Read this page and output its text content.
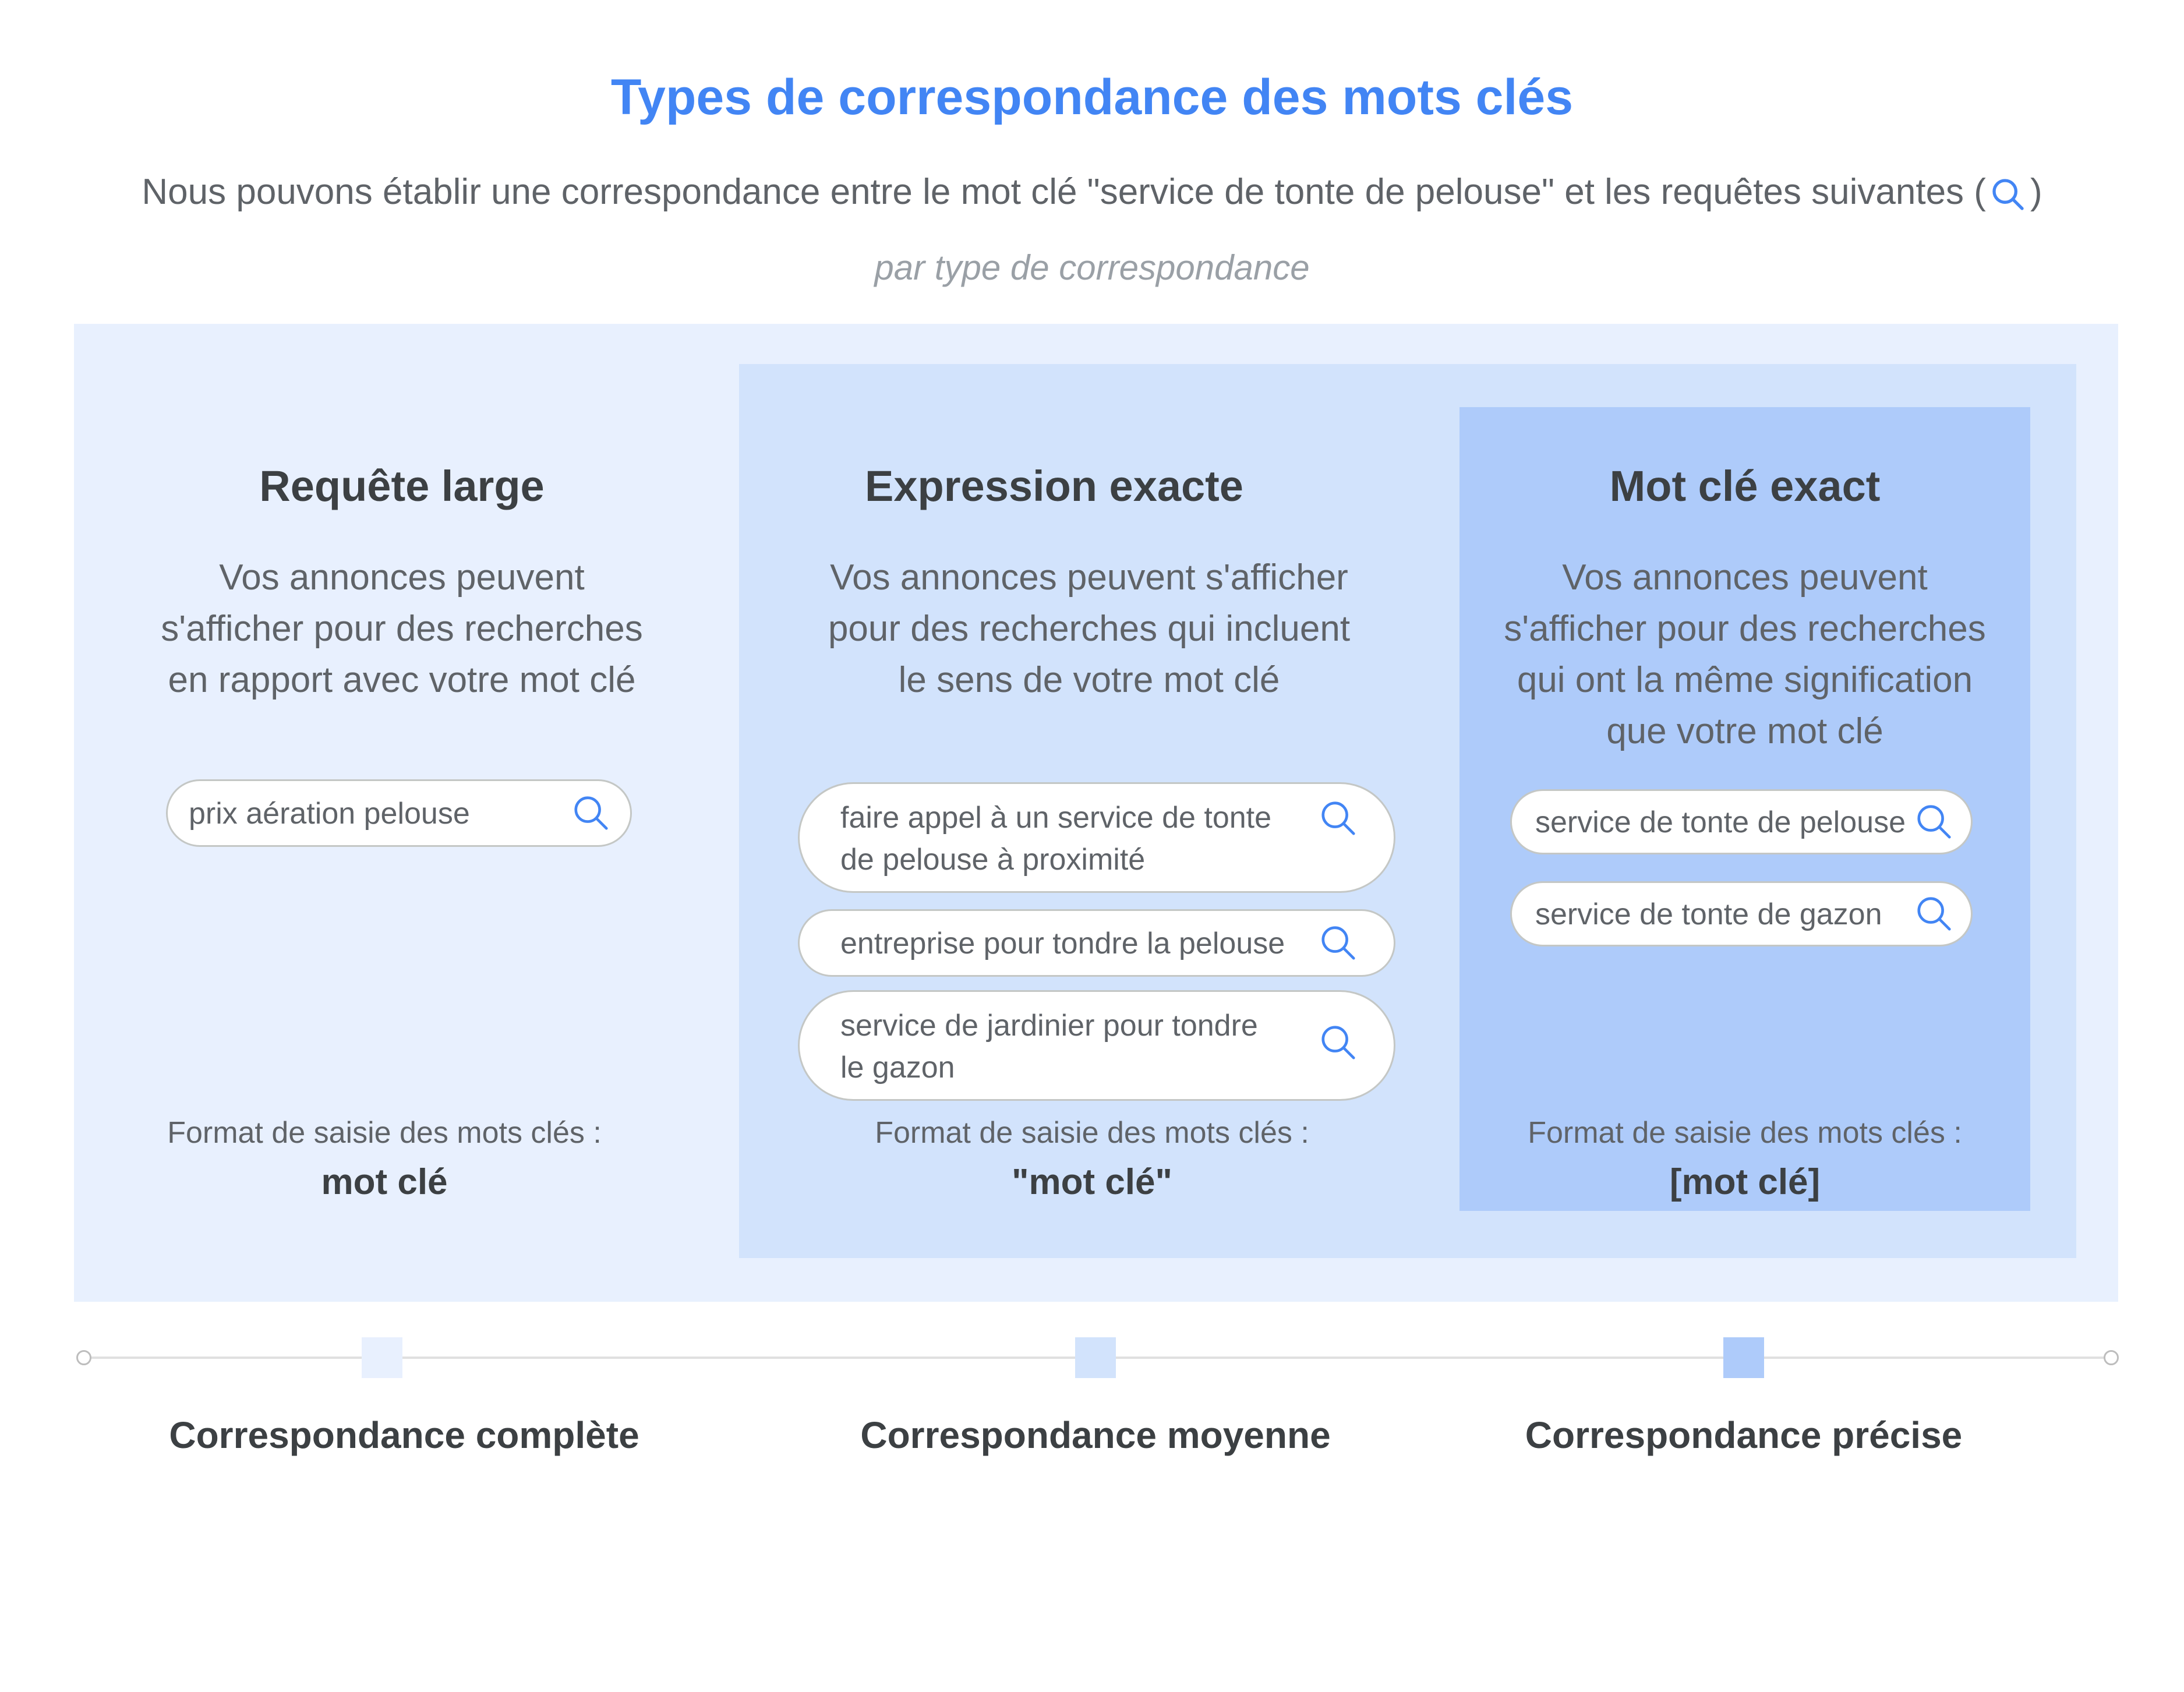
Types de correspondance des mots clés
Nous pouvons établir une correspondance entre le mot clé "service de tonte de pelouse" et les requêtes suivantes ( )
par type de correspondance
Requête large
Vos annonces peuvent
s'afficher pour des recherches
en rapport avec votre mot clé
prix aération pelouse
Format de saisie des mots clés :
mot clé
Expression exacte
Vos annonces peuvent s'afficher
pour des recherches qui incluent
le sens de votre mot clé
faire appel à un service de tonte
de pelouse à proximité
entreprise pour tondre la pelouse
service de jardinier pour tondre
le gazon
Format de saisie des mots clés :
"mot clé"
Mot clé exact
Vos annonces peuvent
s'afficher pour des recherches
qui ont la même signification
que votre mot clé
service de tonte de pelouse
service de tonte de gazon
Format de saisie des mots clés :
[mot clé]
Correspondance complète	Correspondance moyenne	Correspondance précise
